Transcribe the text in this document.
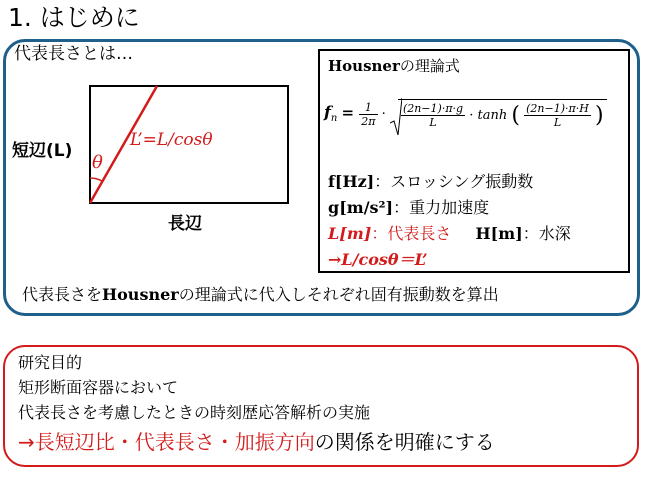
1. はじめに
代表長さとは…
短辺(L)
長辺
θ
L’=L/cosθ
Housnerの理論式
$f_n = \frac{1}{2\pi} \cdot \frac{(2n-1)\cdot\pi\cdot g}{L} \cdot \tanh$ ( $\frac{(2n-1)\cdot\pi\cdot H}{L}$ )
f[Hz]：スロッシング振動数
g[m/s²]：重力加速度
L[m]：代表長さ H[m]：水深
→L/cosθ＝L’
代表長さをHousnerの理論式に代入しそれぞれ固有振動数を算出
研究目的
矩形断面容器において
代表長さを考慮したときの時刻歴応答解析の実施
→長短辺比・代表長さ・加振方向の関係を明確にする
